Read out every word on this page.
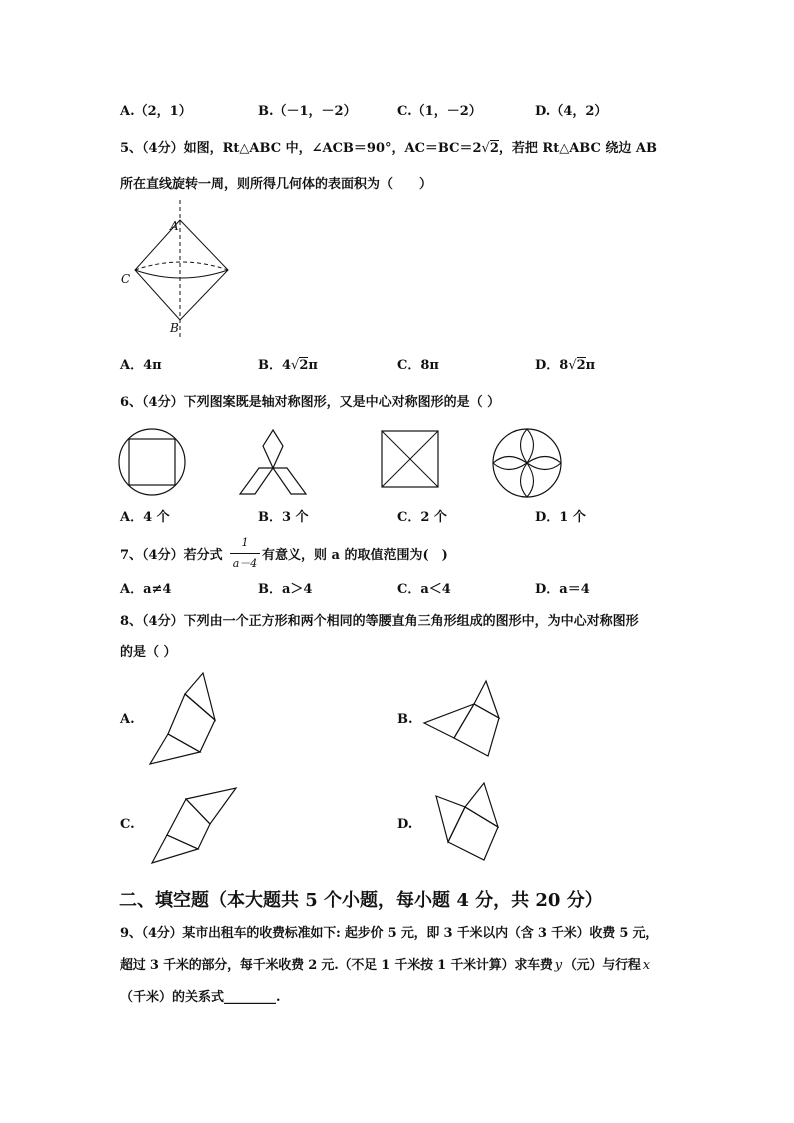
A.（2，1）	B.（－1，－2）	C.（1，－2）	D.（4，2）
5、（4分）如图，Rt△ABC 中，∠ACB＝90°，AC＝BC＝2√2，若把 Rt△ABC 绕边 AB
所在直线旋转一周，则所得几何体的表面积为（　　）
A
C
B
A．4π	B．4√2π	C．8π	D．8√2π
6、（4分）下列图案既是轴对称图形，又是中心对称图形的是（ ）
A．4 个	B．3 个	C．2 个	D．1 个
7、（4分）若分式
1
a－4
有意义，则 a 的取值范围为(　)
A．a≠4	B．a＞4	C．a＜4	D．a＝4
8、（4分）下列由一个正方形和两个相同的等腰直角三角形组成的图形中，为中心对称图形
的是（ ）
A.	B.
C.	D.
二、填空题（本大题共 5 个小题，每小题 4 分，共 20 分）
9、（4分）某市出租车的收费标准如下: 起步价 5 元，即 3 千米以内（含 3 千米）收费 5 元，
超过 3 千米的部分，每千米收费 2 元.（不足 1 千米按 1 千米计算）求车费 y （元）与行程 x
（千米）的关系式________.
